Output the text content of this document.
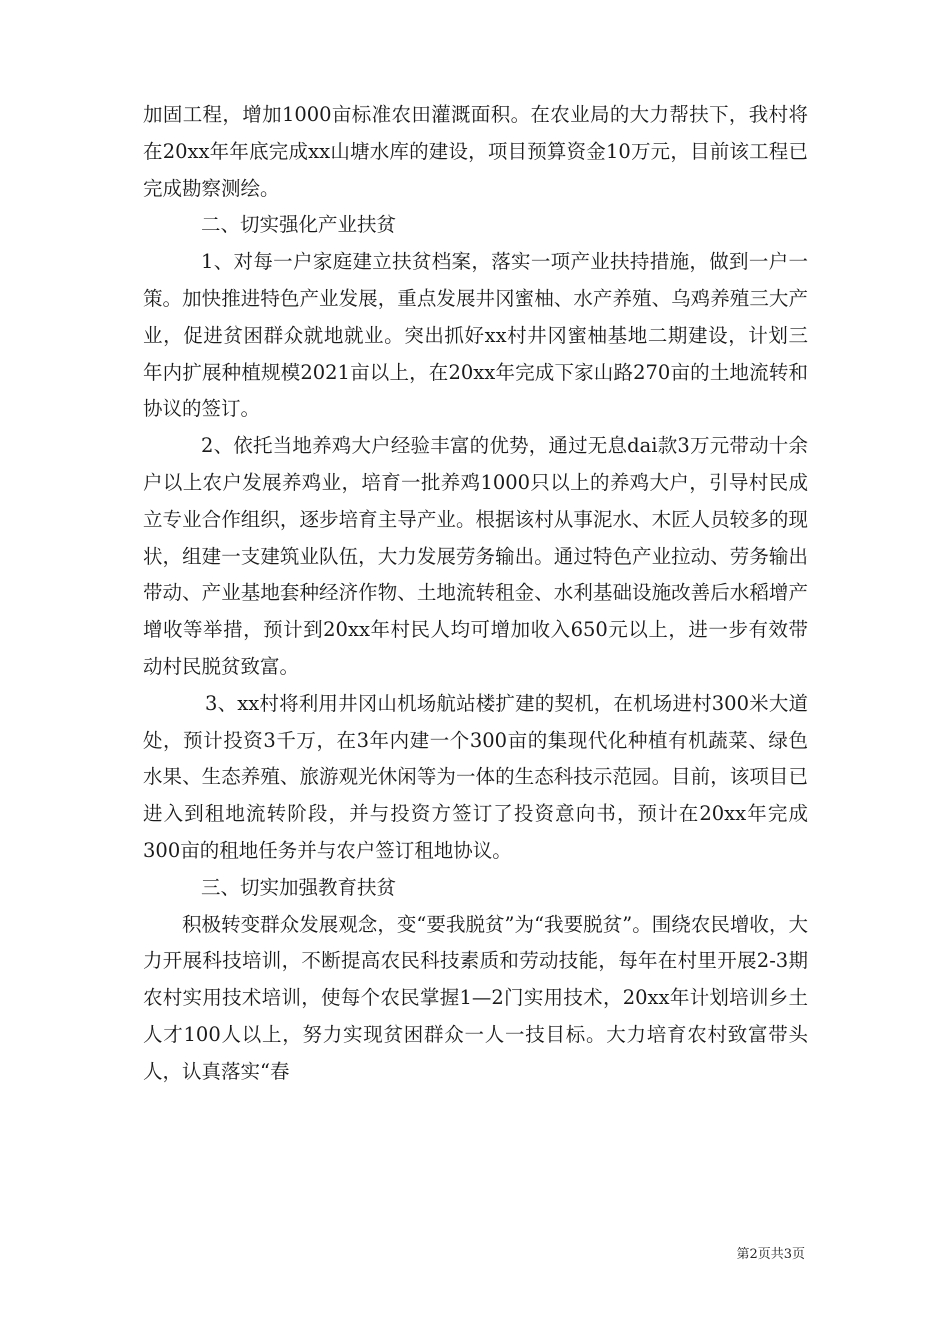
加固工程，增加1000亩标准农田灌溉面积。在农业局的大力帮扶下，我村将在20xx年年底完成xx山塘水库的建设，项目预算资金10万元，目前该工程已完成勘察测绘。

二、切实强化产业扶贫

1、对每一户家庭建立扶贫档案，落实一项产业扶持措施，做到一户一策。加快推进特色产业发展，重点发展井冈蜜柚、水产养殖、乌鸡养殖三大产业，促进贫困群众就地就业。突出抓好xx村井冈蜜柚基地二期建设，计划三年内扩展种植规模2021亩以上，在20xx年完成下家山路270亩的土地流转和协议的签订。

2、依托当地养鸡大户经验丰富的优势，通过无息dai款3万元带动十余户以上农户发展养鸡业，培育一批养鸡1000只以上的养鸡大户，引导村民成立专业合作组织，逐步培育主导产业。根据该村从事泥水、木匠人员较多的现状，组建一支建筑业队伍，大力发展劳务输出。通过特色产业拉动、劳务输出带动、产业基地套种经济作物、土地流转租金、水利基础设施改善后水稻增产增收等举措，预计到20xx年村民人均可增加收入650元以上，进一步有效带动村民脱贫致富。

3、xx村将利用井冈山机场航站楼扩建的契机，在机场进村300米大道处，预计投资3千万，在3年内建一个300亩的集现代化种植有机蔬菜、绿色水果、生态养殖、旅游观光休闲等为一体的生态科技示范园。目前，该项目已进入到租地流转阶段，并与投资方签订了投资意向书，预计在20xx年完成300亩的租地任务并与农户签订租地协议。

三、切实加强教育扶贫

积极转变群众发展观念，变“要我脱贫”为“我要脱贫”。围绕农民增收，大力开展科技培训，不断提高农民科技素质和劳动技能，每年在村里开展2-3期农村实用技术培训，使每个农民掌握1—2门实用技术，20xx年计划培训乡土人才100人以上，努力实现贫困群众一人一技目标。大力培育农村致富带头人，认真落实“春

第2页共3页
